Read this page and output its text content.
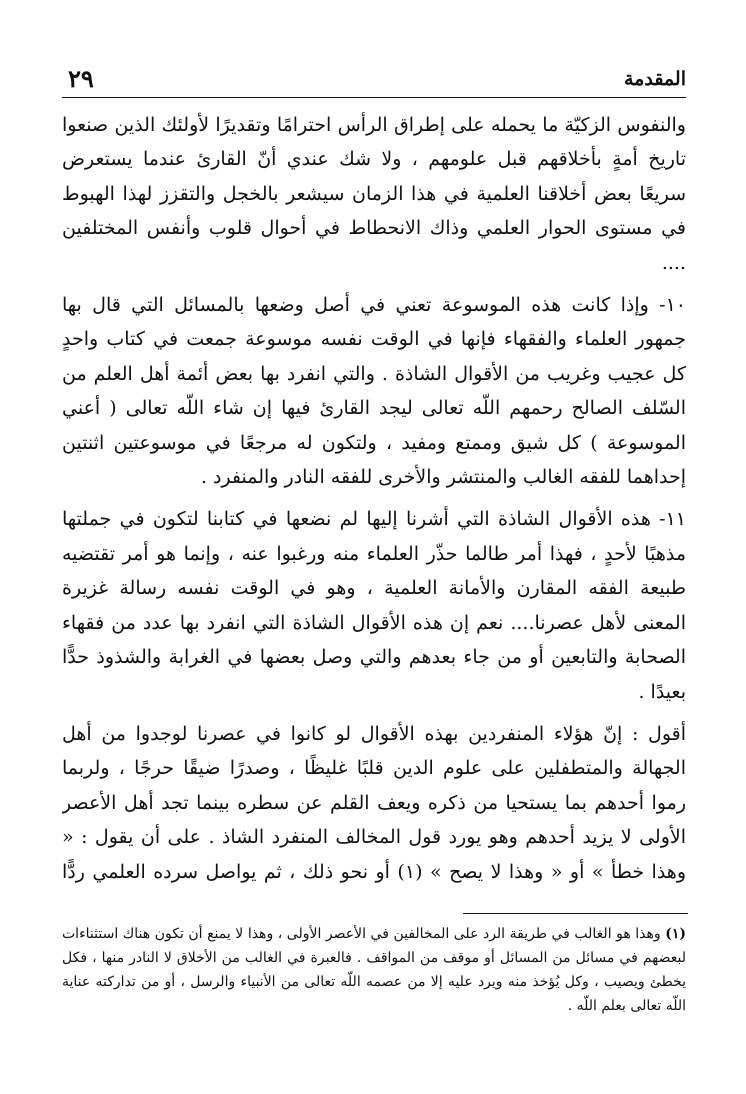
المقدمة
٢٩

والنفوس الزكيّة ما يحمله على إطراق الرأس احترامًا وتقديرًا لأولئك الذين صنعوا تاريخ أمةٍ بأخلاقهم قبل علومهم ، ولا شك عندي أنّ القارئ عندما يستعرض سريعًا بعض أخلاقنا العلمية في هذا الزمان سيشعر بالخجل والتقزز لهذا الهبوط في مستوى الحوار العلمي وذاك الانحطاط في أحوال قلوب وأنفس المختلفين ....

١٠- وإذا كانت هذه الموسوعة تعني في أصل وضعها بالمسائل التي قال بها جمهور العلماء والفقهاء فإنها في الوقت نفسه موسوعة جمعت في كتاب واحدٍ كل عجيب وغريب من الأقوال الشاذة . والتي انفرد بها بعض أئمة أهل العلم من السّلف الصالح رحمهم اللّه تعالى ليجد القارئ فيها إن شاء اللّه تعالى ( أعني الموسوعة ) كل شيق وممتع ومفيد ، ولتكون له مرجعًا في موسوعتين اثنتين إحداهما للفقه الغالب والمنتشر والأخرى للفقه النادر والمنفرد .

١١- هذه الأقوال الشاذة التي أشرنا إليها لم نضعها في كتابنا لتكون في جملتها مذهبًا لأحدٍ ، فهذا أمر طالما حذّر العلماء منه ورغبوا عنه ، وإنما هو أمر تقتضيه طبيعة الفقه المقارن والأمانة العلمية ، وهو في الوقت نفسه رسالة غزيرة المعنى لأهل عصرنا.... نعم إن هذه الأقوال الشاذة التي انفرد بها عدد من فقهاء الصحابة والتابعين أو من جاء بعدهم والتي وصل بعضها في الغرابة والشذوذ حدًّا بعيدًا .

أقول : إنّ هؤلاء المنفردين بهذه الأقوال لو كانوا في عصرنا لوجدوا من أهل الجهالة والمتطفلين على علوم الدين قلبًا غليظًا ، وصدرًا ضيقًا حرجًا ، ولربما رموا أحدهم بما يستحيا من ذكره ويعف القلم عن سطره بينما تجد أهل الأعصر الأولى لا يزيد أحدهم وهو يورد قول المخالف المنفرد الشاذ . على أن يقول : « وهذا خطأ » أو « وهذا لا يصح » (١) أو نحو ذلك ، ثم يواصل سرده العلمي ردًّا

(١) وهذا هو الغالب في طريقة الرد على المخالفين في الأعصر الأولى ، وهذا لا يمنع أن تكون هناك استثناءات لبعضهم في مسائل من المسائل أو موقف من المواقف . فالعبرة في الغالب من الأخلاق لا النادر منها ، فكل يخطئ ويصيب ، وكل يُؤخذ منه ويرد عليه إلا من عصمه اللّه تعالى من الأنبياء والرسل ، أو من تداركته عناية اللّه تعالى بعلم اللّه .
